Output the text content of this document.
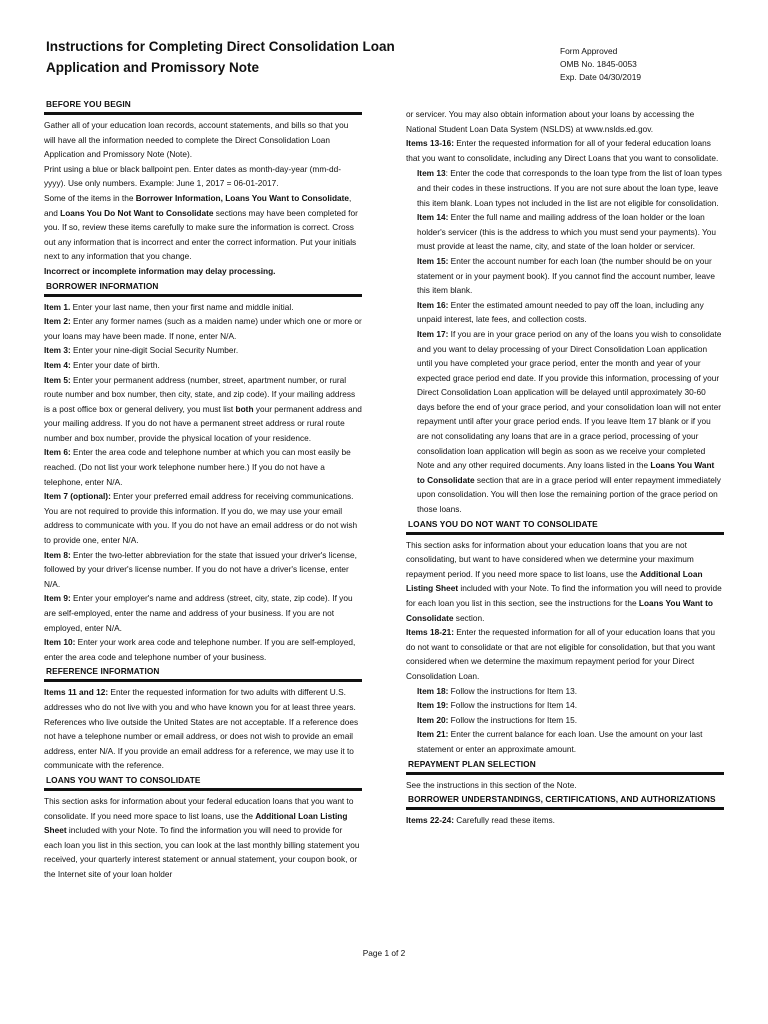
Instructions for Completing Direct Consolidation Loan
Application and Promissory Note
Form Approved
OMB No. 1845-0053
Exp. Date 04/30/2019
BEFORE YOU BEGIN

Gather all of your education loan records, account statements, and bills so that you will have all the information needed to complete the Direct Consolidation Loan Application and Promissory Note (Note).

Print using a blue or black ballpoint pen. Enter dates as month-day-year (mm-dd-yyyy). Use only numbers. Example: June 1, 2017 = 06-01-2017.

Some of the items in the Borrower Information, Loans You Want to Consolidate, and Loans You Do Not Want to Consolidate sections may have been completed for you. If so, review these items carefully to make sure the information is correct. Cross out any information that is incorrect and enter the correct information. Put your initials next to any information that you change.

Incorrect or incomplete information may delay processing.

BORROWER INFORMATION

Item 1. Enter your last name, then your first name and middle initial.

Item 2: Enter any former names (such as a maiden name) under which one or more or your loans may have been made. If none, enter N/A.

Item 3: Enter your nine-digit Social Security Number.

Item 4: Enter your date of birth.

Item 5: Enter your permanent address (number, street, apartment number, or rural route number and box number, then city, state, and zip code). If your mailing address is a post office box or general delivery, you must list both your permanent address and your mailing address. If you do not have a permanent street address or rural route number and box number, provide the physical location of your residence.

Item 6: Enter the area code and telephone number at which you can most easily be reached. (Do not list your work telephone number here.) If you do not have a telephone, enter N/A.

Item 7 (optional): Enter your preferred email address for receiving communications. You are not required to provide this information. If you do, we may use your email address to communicate with you. If you do not have an email address or do not wish to provide one, enter N/A.

Item 8: Enter the two-letter abbreviation for the state that issued your driver's license, followed by your driver's license number. If you do not have a driver's license, enter N/A.

Item 9: Enter your employer's name and address (street, city, state, zip code). If you are self-employed, enter the name and address of your business. If you are not employed, enter N/A.

Item 10: Enter your work area code and telephone number. If you are self-employed, enter the area code and telephone number of your business.

REFERENCE INFORMATION

Items 11 and 12: Enter the requested information for two adults with different U.S. addresses who do not live with you and who have known you for at least three years. References who live outside the United States are not acceptable. If a reference does not have a telephone number or email address, or does not wish to provide an email address, enter N/A. If you provide an email address for a reference, we may use it to communicate with the reference.

LOANS YOU WANT TO CONSOLIDATE

This section asks for information about your federal education loans that you want to consolidate. If you need more space to list loans, use the Additional Loan Listing Sheet included with your Note. To find the information you will need to provide for each loan you list in this section, you can look at the last monthly billing statement you received, your quarterly interest statement or annual statement, your coupon book, or the Internet site of your loan holder

or servicer. You may also obtain information about your loans by accessing the National Student Loan Data System (NSLDS) at www.nslds.ed.gov.

Items 13-16: Enter the requested information for all of your federal education loans that you want to consolidate, including any Direct Loans that you want to consolidate.

Item 13: Enter the code that corresponds to the loan type from the list of loan types and their codes in these instructions. If you are not sure about the loan type, leave this item blank. Loan types not included in the list are not eligible for consolidation.

Item 14: Enter the full name and mailing address of the loan holder or the loan holder's servicer (this is the address to which you must send your payments). You must provide at least the name, city, and state of the loan holder or servicer.

Item 15: Enter the account number for each loan (the number should be on your statement or in your payment book). If you cannot find the account number, leave this item blank.

Item 16: Enter the estimated amount needed to pay off the loan, including any unpaid interest, late fees, and collection costs.

Item 17: If you are in your grace period on any of the loans you wish to consolidate and you want to delay processing of your Direct Consolidation Loan application until you have completed your grace period, enter the month and year of your expected grace period end date. If you provide this information, processing of your Direct Consolidation Loan application will be delayed until approximately 30-60 days before the end of your grace period, and your consolidation loan will not enter repayment until after your grace period ends. If you leave Item 17 blank or if you are not consolidating any loans that are in a grace period, processing of your consolidation loan application will begin as soon as we receive your completed Note and any other required documents. Any loans listed in the Loans You Want to Consolidate section that are in a grace period will enter repayment immediately upon consolidation. You will then lose the remaining portion of the grace period on those loans.

LOANS YOU DO NOT WANT TO CONSOLIDATE

This section asks for information about your education loans that you are not consolidating, but want to have considered when we determine your maximum repayment period. If you need more space to list loans, use the Additional Loan Listing Sheet included with your Note. To find the information you will need to provide for each loan you list in this section, see the instructions for the Loans You Want to Consolidate section.

Items 18-21: Enter the requested information for all of your education loans that you do not want to consolidate or that are not eligible for consolidation, but that you want considered when we determine the maximum repayment period for your Direct Consolidation Loan.

Item 18: Follow the instructions for Item 13.

Item 19: Follow the instructions for Item 14.

Item 20: Follow the instructions for Item 15.

Item 21: Enter the current balance for each loan. Use the amount on your last statement or enter an approximate amount.

REPAYMENT PLAN SELECTION

See the instructions in this section of the Note.

BORROWER UNDERSTANDINGS, CERTIFICATIONS, AND AUTHORIZATIONS

Items 22-24: Carefully read these items.

Page 1 of 2
